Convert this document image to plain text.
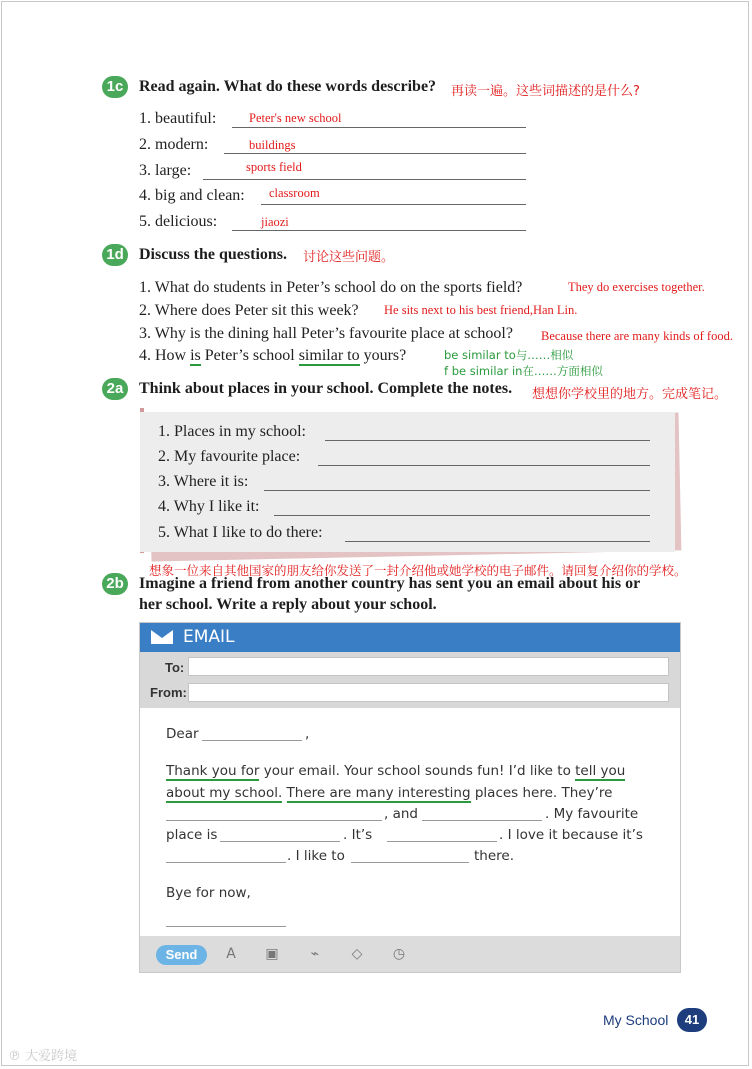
1c Read again. What do these words describe? 再读一遍。这些词描述的是什么?
1. beautiful:	Peter's new school
2. modern:	buildings
3. large:	sports field
4. big and clean: classroom
5. delicious:	jiaozi
1d Discuss the questions. 讨论这些问题。
1. What do students in Peter’s school do on the sports field?	They do exercises together.
2. Where does Peter sit this week? He sits next to his best friend,Han Lin.
3. Why is the dining hall Peter’s favourite place at school? Because there are many kinds of food.
4. How is Peter’s school similar to yours?	be similar to与……相似
f be similar in在……方面相似
2a Think about places in your school. Complete the notes. 想想你学校里的地方。完成笔记。
1. Places in my school:
2. My favourite place:
3. Where it is:
4. Why I like it:
5. What I like to do there:
想象一位来自其他国家的朋友给你发送了一封介绍他或她学校的电子邮件。请回复介绍你的学校。
2b Imagine a friend from another country has sent you an email about his or
her school. Write a reply about your school.
EMAIL
To:
From:
Dear	,
Thank you for your email. Your school sounds fun! I’d like to tell you
about my school. There are many interesting places here. They’re
, and	. My favourite
place is	. It’s	. I love it because it’s
. I like to	there.
Bye for now,
Send	A ▣ ⌁ ◇ ◷
My School	41
℗ 大爱跨境
